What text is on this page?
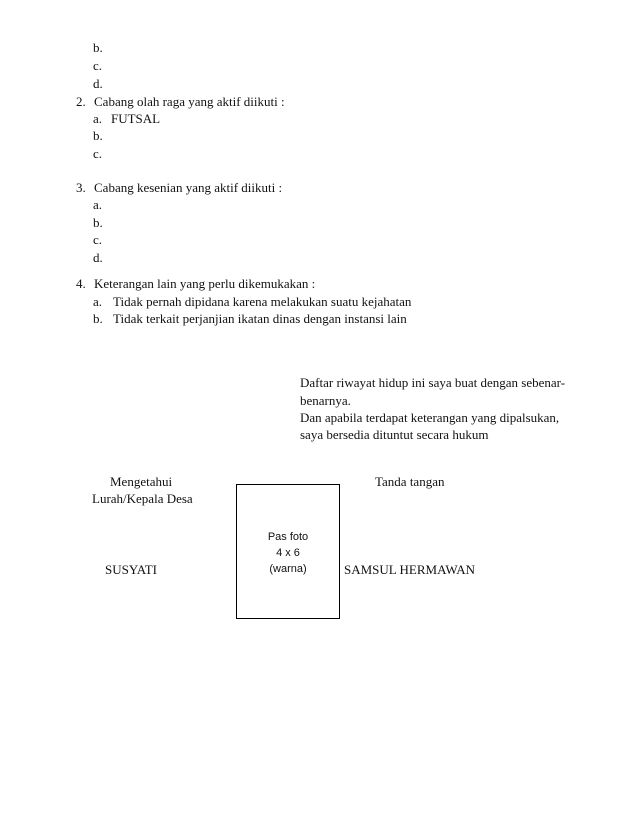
b.
c.
d.
2. Cabang olah raga yang aktif diikuti :
a. FUTSAL
b.
c.
3. Cabang kesenian yang aktif diikuti :
a.
b.
c.
d.
4. Keterangan lain yang perlu dikemukakan :
a. Tidak pernah dipidana karena melakukan suatu kejahatan
b. Tidak terkait perjanjian ikatan dinas dengan instansi lain
Daftar riwayat hidup ini saya buat dengan sebenar-
benarnya.
Dan apabila terdapat keterangan yang dipalsukan,
saya bersedia dituntut secara hukum
Mengetahui
Lurah/Kepala Desa
SUSYATI
Tanda tangan
SAMSUL HERMAWAN
Pas foto
4 x 6
(warna)
